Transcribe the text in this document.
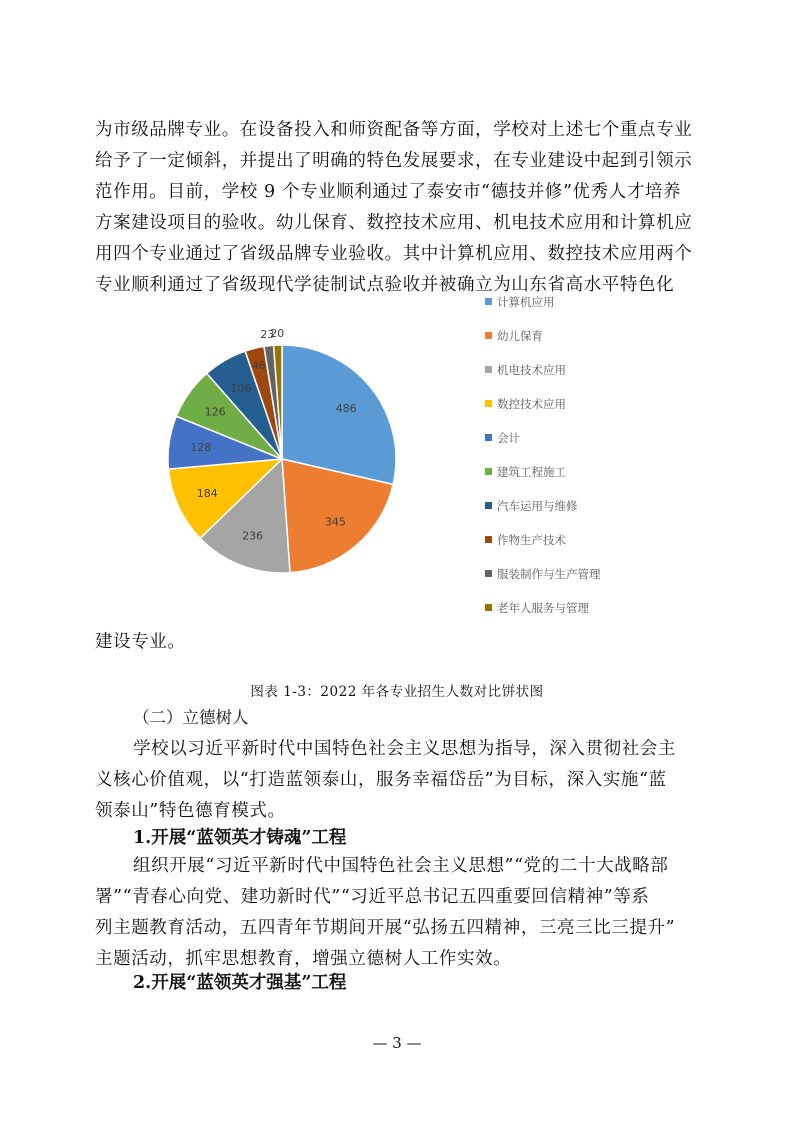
为市级品牌专业。在设备投入和师资配备等方面，学校对上述七个重点专业
给予了一定倾斜，并提出了明确的特色发展要求，在专业建设中起到引领示
范作用。目前，学校 9 个专业顺利通过了泰安市“德技并修”优秀人才培养
方案建设项目的验收。幼儿保育、数控技术应用、机电技术应用和计算机应
用四个专业通过了省级品牌专业验收。其中计算机应用、数控技术应用两个
专业顺利通过了省级现代学徒制试点验收并被确立为山东省高水平特色化
486
345
236
184
128
126
106
46
23
20
计算机应用
幼儿保育
机电技术应用
数控技术应用
会计
建筑工程施工
汽车运用与维修
作物生产技术
服装制作与生产管理
老年人服务与管理

建设专业。

图表 1-3：2022 年各专业招生人数对比饼状图

（二）立德树人

学校以习近平新时代中国特色社会主义思想为指导，深入贯彻社会主
义核心价值观，以“打造蓝领泰山，服务幸福岱岳”为目标，深入实施“蓝
领泰山”特色德育模式。

1.开展“蓝领英才铸魂”工程

组织开展“习近平新时代中国特色社会主义思想”“党的二十大战略部
署”“青春心向党、建功新时代”“习近平总书记五四重要回信精神”等系
列主题教育活动，五四青年节期间开展“弘扬五四精神，三亮三比三提升”
主题活动，抓牢思想教育，增强立德树人工作实效。

2.开展“蓝领英才强基”工程

— 3 —
